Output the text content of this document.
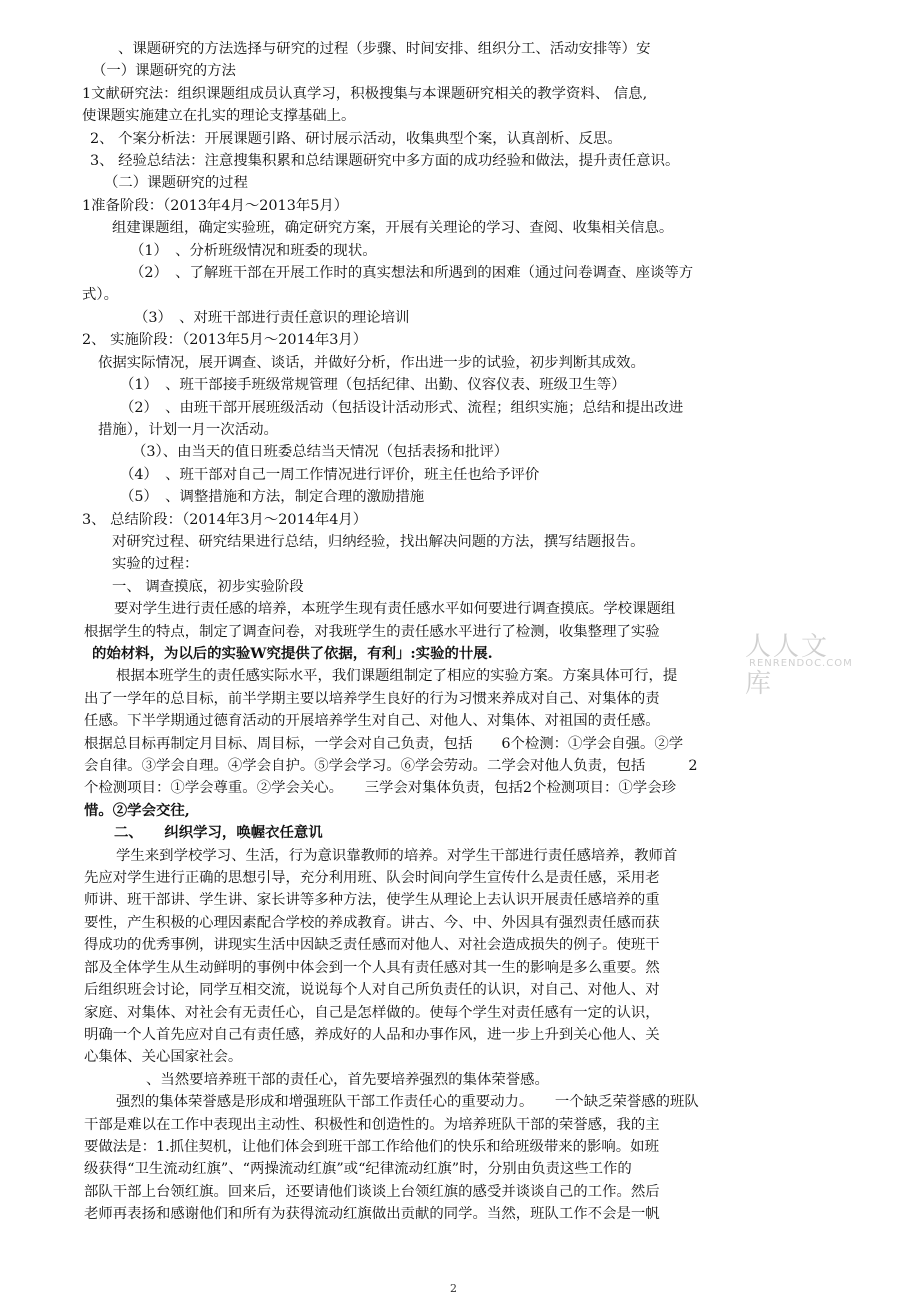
、课题研究的方法选择与研究的过程（步骤、时间安排、组织分工、活动安排等）安
（一）课题研究的方法
1文献研究法：组织课题组成员认真学习，积极搜集与本课题研究相关的教学资料、 信息,
使课题实施建立在扎实的理论支撑基础上。
2、 个案分析法：开展课题引路、研讨展示活动，收集典型个案，认真剖析、反思。
3、 经验总结法：注意搜集积累和总结课题研究中多方面的成功经验和做法，提升责任意识。
（二）课题研究的过程
1准备阶段：（2013年4月〜2013年5月）
组建课题组，确定实验班，确定研究方案，开展有关理论的学习、查阅、收集相关信息。
（1）　、分析班级情况和班委的现状。
（2）　、了解班干部在开展工作时的真实想法和所遇到的困难（通过问卷调查、座谈等方
式）。
（3）　、对班干部进行责任意识的理论培训
2、 实施阶段：（2013年5月〜2014年3月）
依据实际情况，展开调查、谈话，并做好分析，作出进一步的试验，初步判断其成效。
（1）　、班干部接手班级常规管理（包括纪律、出勤、仪容仪表、班级卫生等）
（2）　、由班干部开展班级活动（包括设计活动形式、流程；组织实施；总结和提出改进
措施），计划一月一次活动。
（3）、由当天的值日班委总结当天情况（包括表扬和批评）
（4）　、班干部对自己一周工作情况进行评价，班主任也给予评价
（5）　、调整措施和方法，制定合理的激励措施
3、 总结阶段：（2014年3月〜2014年4月）
对研究过程、研究结果进行总结，归纳经验，找出解决问题的方法，撰写结题报告。
实验的过程：
一、 调查摸底，初步实验阶段
要对学生进行责任感的培养，本班学生现有责任感水平如何要进行调查摸底。学校课题组
根据学生的特点，制定了调查问卷，对我班学生的责任感水平进行了检测，收集整理了实验
的始材料，为以后的实验W究提供了依据，有利」:实验的卄展.
根据本班学生的责任感实际水平，我们课题组制定了相应的实验方案。方案具体可行，提
出了一学年的总目标，前半学期主要以培养学生良好的行为习惯来养成对自己、对集体的责
任感。下半学期通过德育活动的开展培养学生对自己、对他人、对集体、对祖国的责任感。
根据总目标再制定月目标、周目标，一学会对自己负责，包括　　6个检测：①学会自强。②学
会自律。③学会自理。④学会自护。⑤学会学习。⑥学会劳动。二学会对他人负责，包括　　　2
个检测项目：①学会尊重。②学会关心。　　三学会对集体负责，包括2个检测项目：①学会珍
惜。②学会交往,
二、　　纠织学习，唤幄衣任意讥
学生来到学校学习、生活，行为意识靠教师的培养。对学生干部进行责任感培养，教师首
先应对学生进行正确的思想引导，充分利用班、队会时间向学生宣传什么是责任感，采用老
师讲、班干部讲、学生讲、家长讲等多种方法，使学生从理论上去认识开展责任感培养的重
要性，产生积极的心理因素配合学校的养成教育。讲古、今、中、外因具有强烈责任感而获
得成功的优秀事例，讲现实生活中因缺乏责任感而对他人、对社会造成损失的例子。使班干
部及全体学生从生动鲜明的事例中体会到一个人具有责任感对其一生的影响是多么重要。然
后组织班会讨论，同学互相交流，说说每个人对自己所负责任的认识，对自己、对他人、对
家庭、对集体、对社会有无责任心，自己是怎样做的。使每个学生对责任感有一定的认识，
明确一个人首先应对自己有责任感，养成好的人品和办事作风，进一步上升到关心他人、关
心集体、关心国家社会。
、当然要培养班干部的责任心，首先要培养强烈的集体荣誉感。
强烈的集体荣誉感是形成和增强班队干部工作责任心的重要动力。　　一个缺乏荣誉感的班队
干部是难以在工作中表现出主动性、积极性和创造性的。为培养班队干部的荣誉感，我的主
要做法是：1.抓住契机，让他们体会到班干部工作给他们的快乐和给班级带来的影响。如班
级获得“卫生流动红旗”、“两操流动红旗”或“纪律流动红旗”时，分别由负责这些工作的
部队干部上台领红旗。回来后，还要请他们谈谈上台领红旗的感受并谈谈自己的工作。然后
老师再表扬和感谢他们和所有为获得流动红旗做出贡献的同学。当然，班队工作不会是一帆
人人文库
RENRENDOC.COM
2
